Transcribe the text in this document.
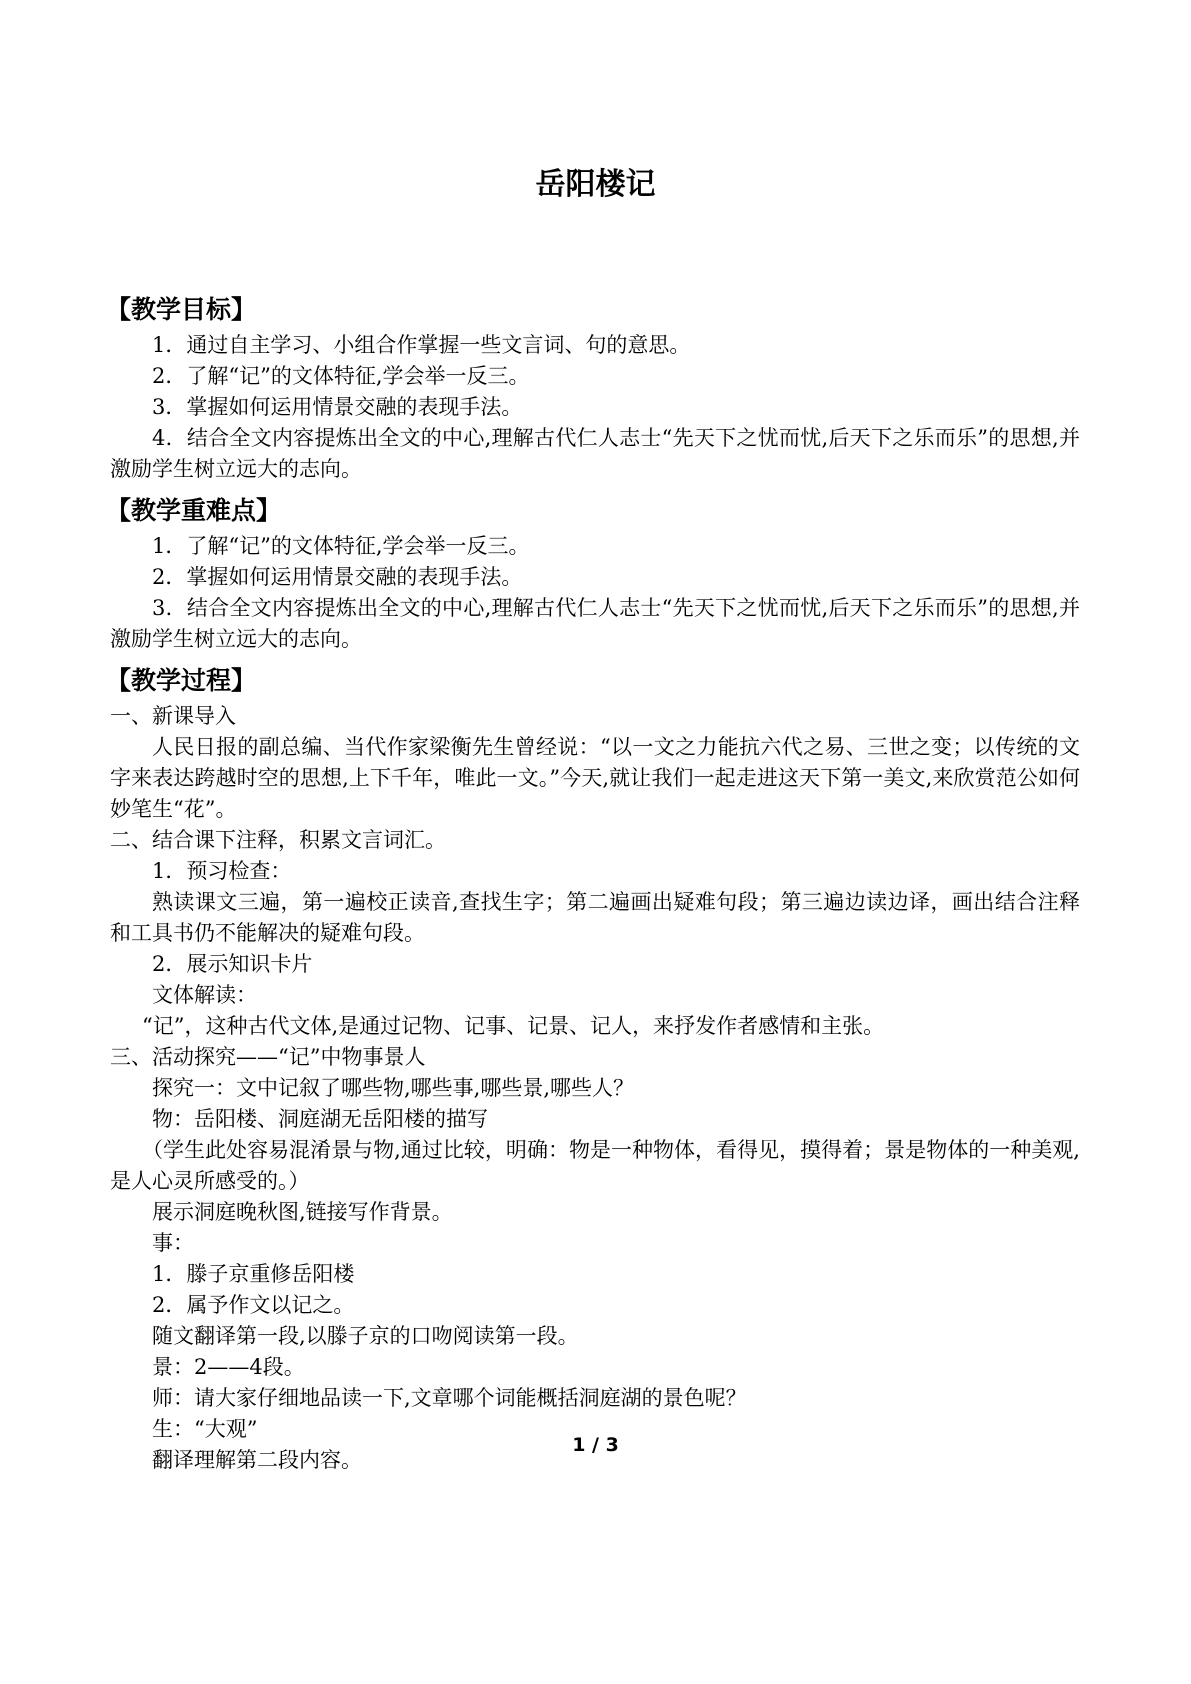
岳阳楼记
【教学目标】

1．通过自主学习、小组合作掌握一些文言词、句的意思。

2．了解“记”的文体特征,学会举一反三。

3．掌握如何运用情景交融的表现手法。

4．结合全文内容提炼出全文的中心,理解古代仁人志士“先天下之忧而忧,后天下之乐而乐”的思想,并激励学生树立远大的志向。

【教学重难点】

1．了解“记”的文体特征,学会举一反三。

2．掌握如何运用情景交融的表现手法。

3．结合全文内容提炼出全文的中心,理解古代仁人志士“先天下之忧而忧,后天下之乐而乐”的思想,并激励学生树立远大的志向。

【教学过程】

一、新课导入

人民日报的副总编、当代作家梁衡先生曾经说：“以一文之力能抗六代之易、三世之变；以传统的文字来表达跨越时空的思想,上下千年，唯此一文。”今天,就让我们一起走进这天下第一美文,来欣赏范公如何妙笔生“花”。

二、结合课下注释，积累文言词汇。

1．预习检查：

熟读课文三遍，第一遍校正读音,查找生字；第二遍画出疑难句段；第三遍边读边译，画出结合注释和工具书仍不能解决的疑难句段。

2．展示知识卡片

文体解读：

“记”，这种古代文体,是通过记物、记事、记景、记人，来抒发作者感情和主张。

三、活动探究——“记”中物事景人

探究一：文中记叙了哪些物,哪些事,哪些景,哪些人？

物：岳阳楼、洞庭湖无岳阳楼的描写

（学生此处容易混淆景与物,通过比较，明确：物是一种物体，看得见，摸得着；景是物体的一种美观,是人心灵所感受的。）

展示洞庭晚秋图,链接写作背景。

事：

1．滕子京重修岳阳楼

2．属予作文以记之。

随文翻译第一段,以滕子京的口吻阅读第一段。

景：2——4段。

师：请大家仔细地品读一下,文章哪个词能概括洞庭湖的景色呢？

生：“大观”

翻译理解第二段内容。

1 / 3
